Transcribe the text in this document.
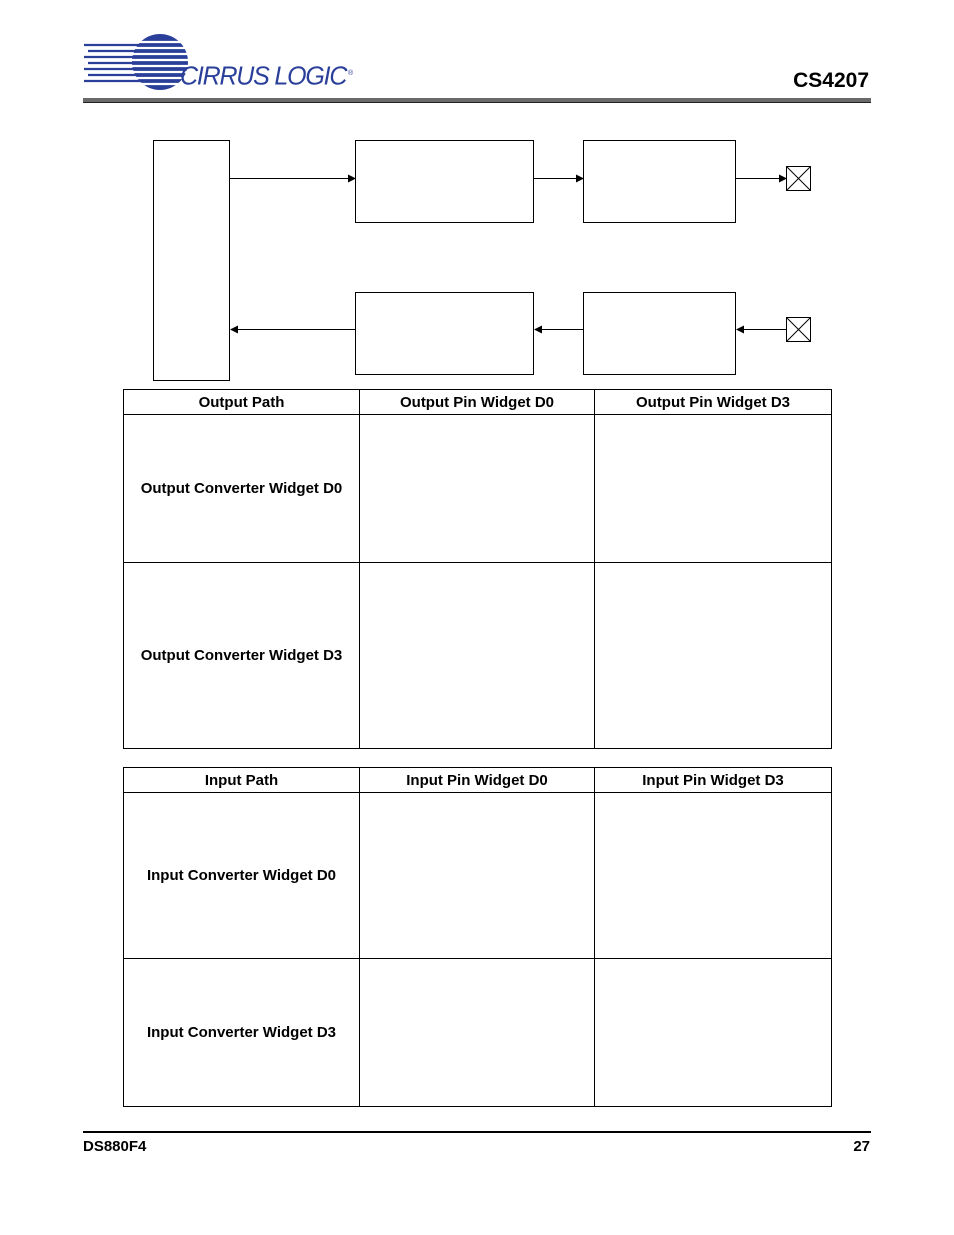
CIRRUS LOGIC ®	CS4207
Output Path	Output Pin Widget D0	Output Pin Widget D3
Output Converter Widget D0		
Output Converter Widget D3		
Input Path	Input Pin Widget D0	Input Pin Widget D3
Input Converter Widget D0		
Input Converter Widget D3		
DS880F4	27
